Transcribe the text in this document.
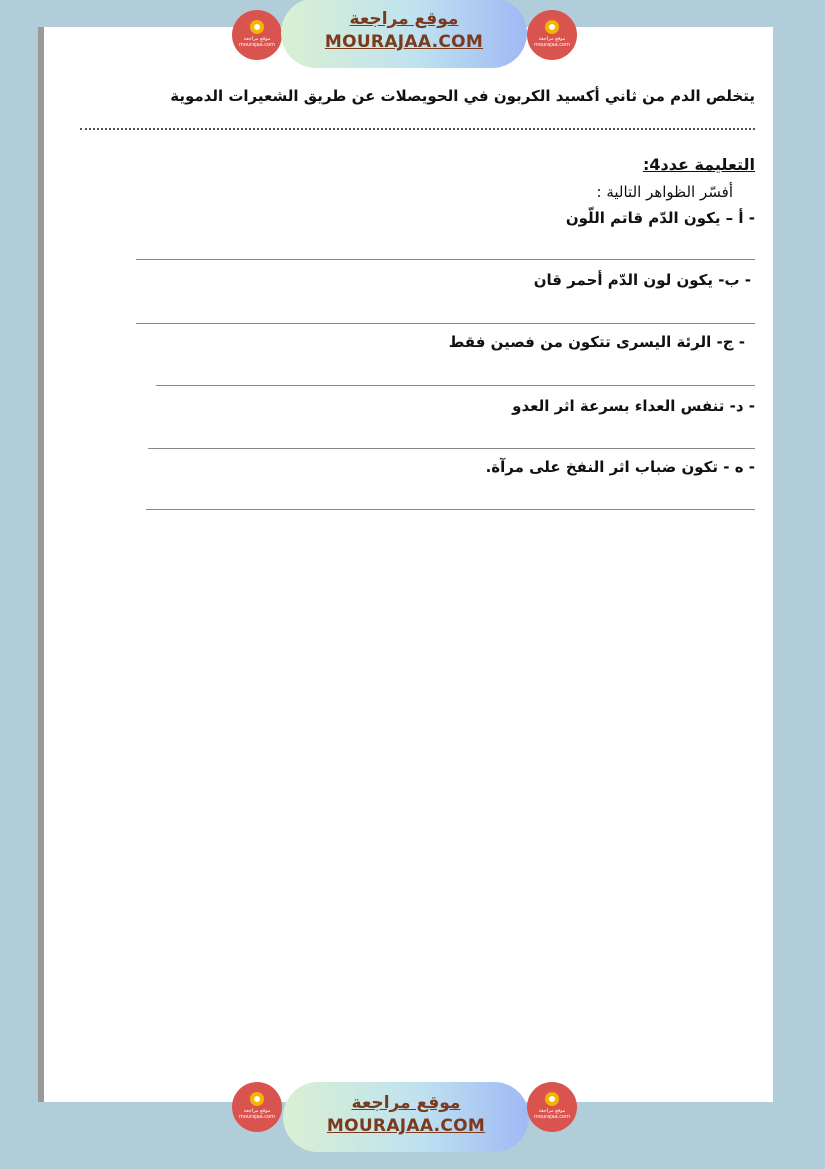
يتخلص الدم من ثاني أكسيد الكربون في الحويصلات عن طريق الشعيرات الدموية
التعليمة عدد4:
أفسّر الظواهر التالية :
- أ – يكون الدّم قاتم اللّون
- ب- يكون لون الدّم أحمر قان
- ج- الرئة اليسرى تتكون من فصين فقط
- د- تنفس العداء بسرعة اثر العدو
- ه - تكون ضباب اثر النفخ على مرآة.
موقع مراجعة mourajaa.com
موقع مراجعة
MOURAJAA.COM	موقع مراجعة mourajaa.com
موقع مراجعة mourajaa.com
موقع مراجعة
MOURAJAA.COM
موقع مراجعة mourajaa.com
